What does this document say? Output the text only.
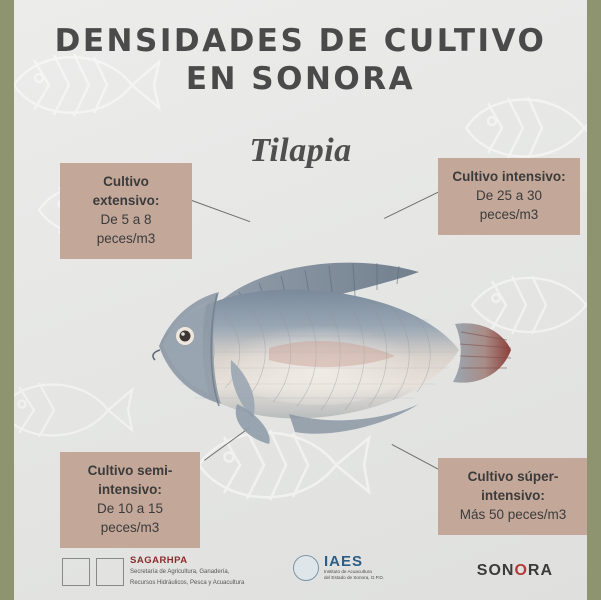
DENSIDADES DE CULTIVO
EN SONORA
Tilapia
Cultivo extensivo:
De 5 a 8 peces/m3
Cultivo intensivo:
De 25 a 30 peces/m3
Cultivo semi-intensivo:
De 10 a 15 peces/m3
Cultivo súper-intensivo:
Más 50 peces/m3
SAGARHPA
Secretaría de Agricultura, Ganadería,
Recursos Hidráulicos, Pesca y Acuacultura
IAES
Instituto de Acuacultura
del Estado de Sonora, O.P.D.	SONORA
